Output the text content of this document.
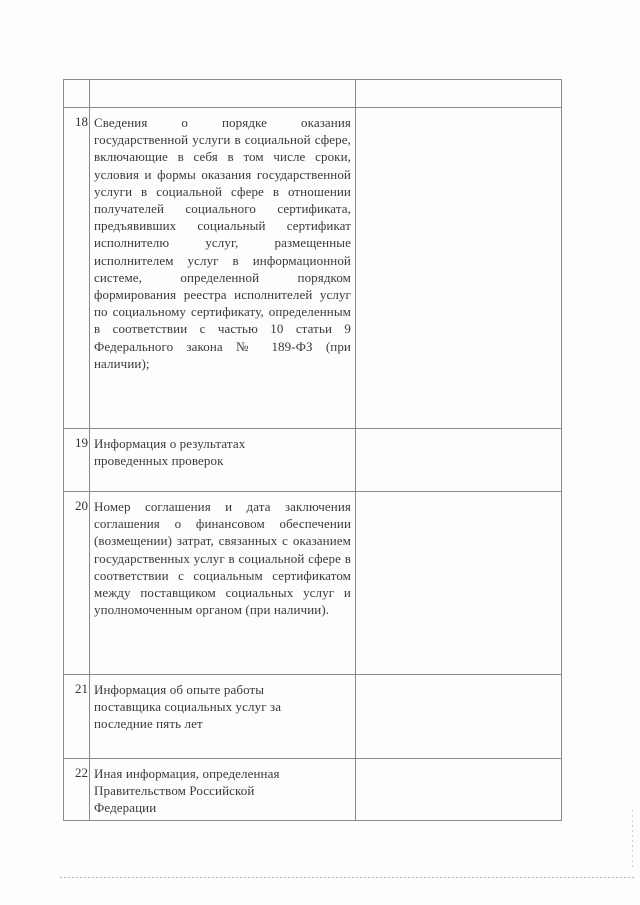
18	Сведения о порядке оказания государственной услуги в социальной сфере, включающие в себя в том числе сроки, условия и формы оказания государственной услуги в социальной сфере в отношении получателей социального сертификата, предъявивших социальный сертификат исполнителю услуг, размещенные исполнителем услуг в информационной системе, определенной порядком формирования реестра исполнителей услуг по социальному сертификату, определенным в соответствии с частью 10 статьи 9 Федерального закона № 189-ФЗ (при наличии);	

19	Информация о результатах проведенных проверок	

20	Номер соглашения и дата заключения соглашения о финансовом обеспечении (возмещении) затрат, связанных с оказанием государственных услуг в социальной сфере в соответствии с социальным сертификатом между поставщиком социальных услуг и уполномоченным органом (при наличии).	

21	Информация об опыте работы поставщика социальных услуг за последние пять лет	

22	Иная информация, определенная Правительством Российской Федерации	
